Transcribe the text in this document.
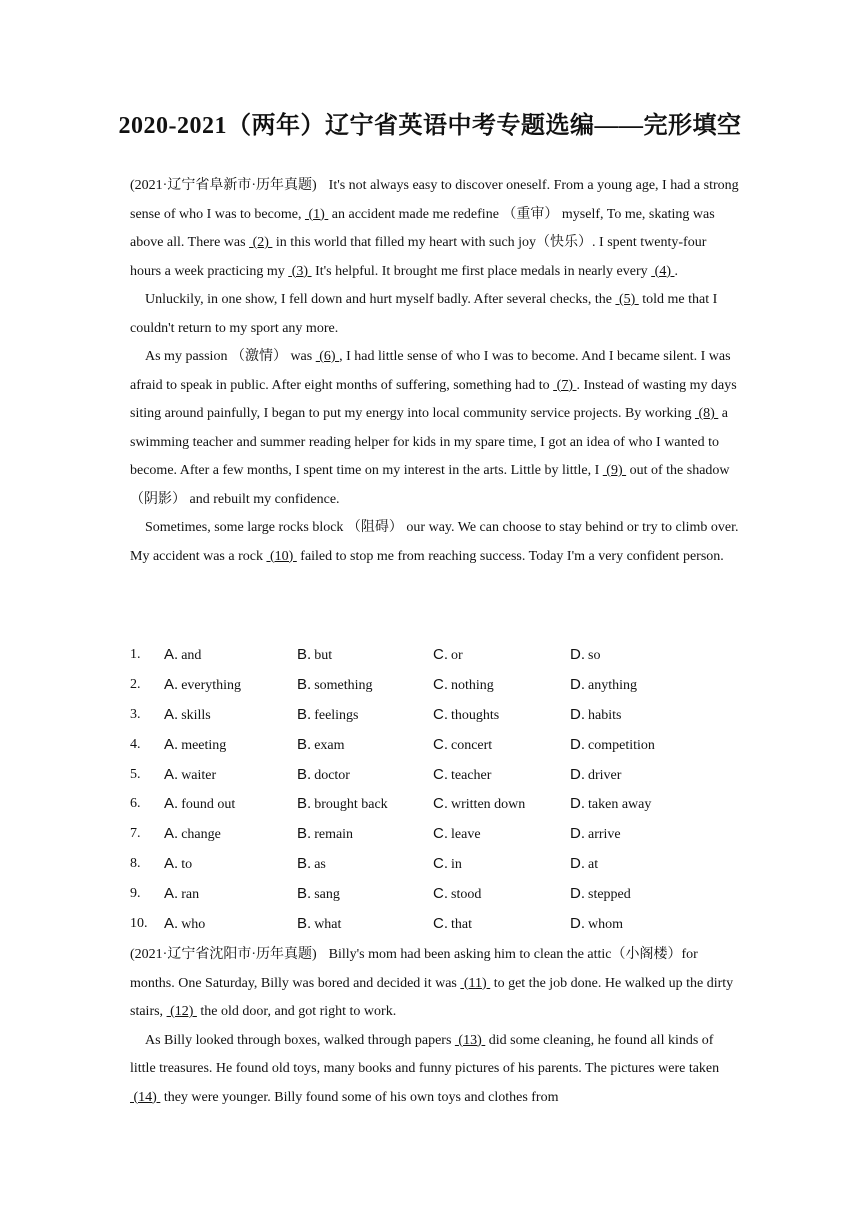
2020-2021（两年）辽宁省英语中考专题选编——完形填空

(2021·辽宁省阜新市·历年真题) It's not always easy to discover oneself. From a young age, I had a strong sense of who I was to become,  (1)  an accident made me redefine （重审） myself, To me, skating was above all. There was  (2)  in this world that filled my heart with such joy（快乐）. I spent twenty-four hours a week practicing my  (3)  It's helpful. It brought me first place medals in nearly every  (4) .

Unluckily, in one show, I fell down and hurt myself badly. After several checks, the  (5)  told me that I couldn't return to my sport any more.

As my passion （激情） was  (6) , I had little sense of who I was to become. And I became silent. I was afraid to speak in public. After eight months of suffering, something had to  (7) . Instead of wasting my days siting around painfully, I began to put my energy into local community service projects. By working  (8)  a swimming teacher and summer reading helper for kids in my spare time, I got an idea of who I wanted to become. After a few months, I spent time on my interest in the arts. Little by little, I  (9)  out of the shadow （阴影） and rebuilt my confidence.

Sometimes, some large rocks block （阻碍） our way. We can choose to stay behind or try to climb over. My accident was a rock  (10)  failed to stop me from reaching success. Today I'm a very confident person.

1. A. and	B. but	C. or	D. so
2. A. everything	B. something	C. nothing	D. anything
3. A. skills	B. feelings	C. thoughts	D. habits
4. A. meeting	B. exam	C. concert	D. competition
5. A. waiter	B. doctor	C. teacher	D. driver
6. A. found out	B. brought back	C. written down	D. taken away
7. A. change	B. remain	C. leave	D. arrive
8. A. to	B. as	C. in	D. at
9. A. ran	B. sang	C. stood	D. stepped
10. A. who	B. what	C. that	D. whom

(2021·辽宁省沈阳市·历年真题) Billy's mom had been asking him to clean the attic（小阁楼）for months. One Saturday, Billy was bored and decided it was  (11)  to get the job done. He walked up the dirty stairs,  (12)  the old door, and got right to work.

As Billy looked through boxes, walked through papers  (13)  did some cleaning, he found all kinds of little treasures. He found old toys, many books and funny pictures of his parents. The pictures were taken  (14)  they were younger. Billy found some of his own toys and clothes from
